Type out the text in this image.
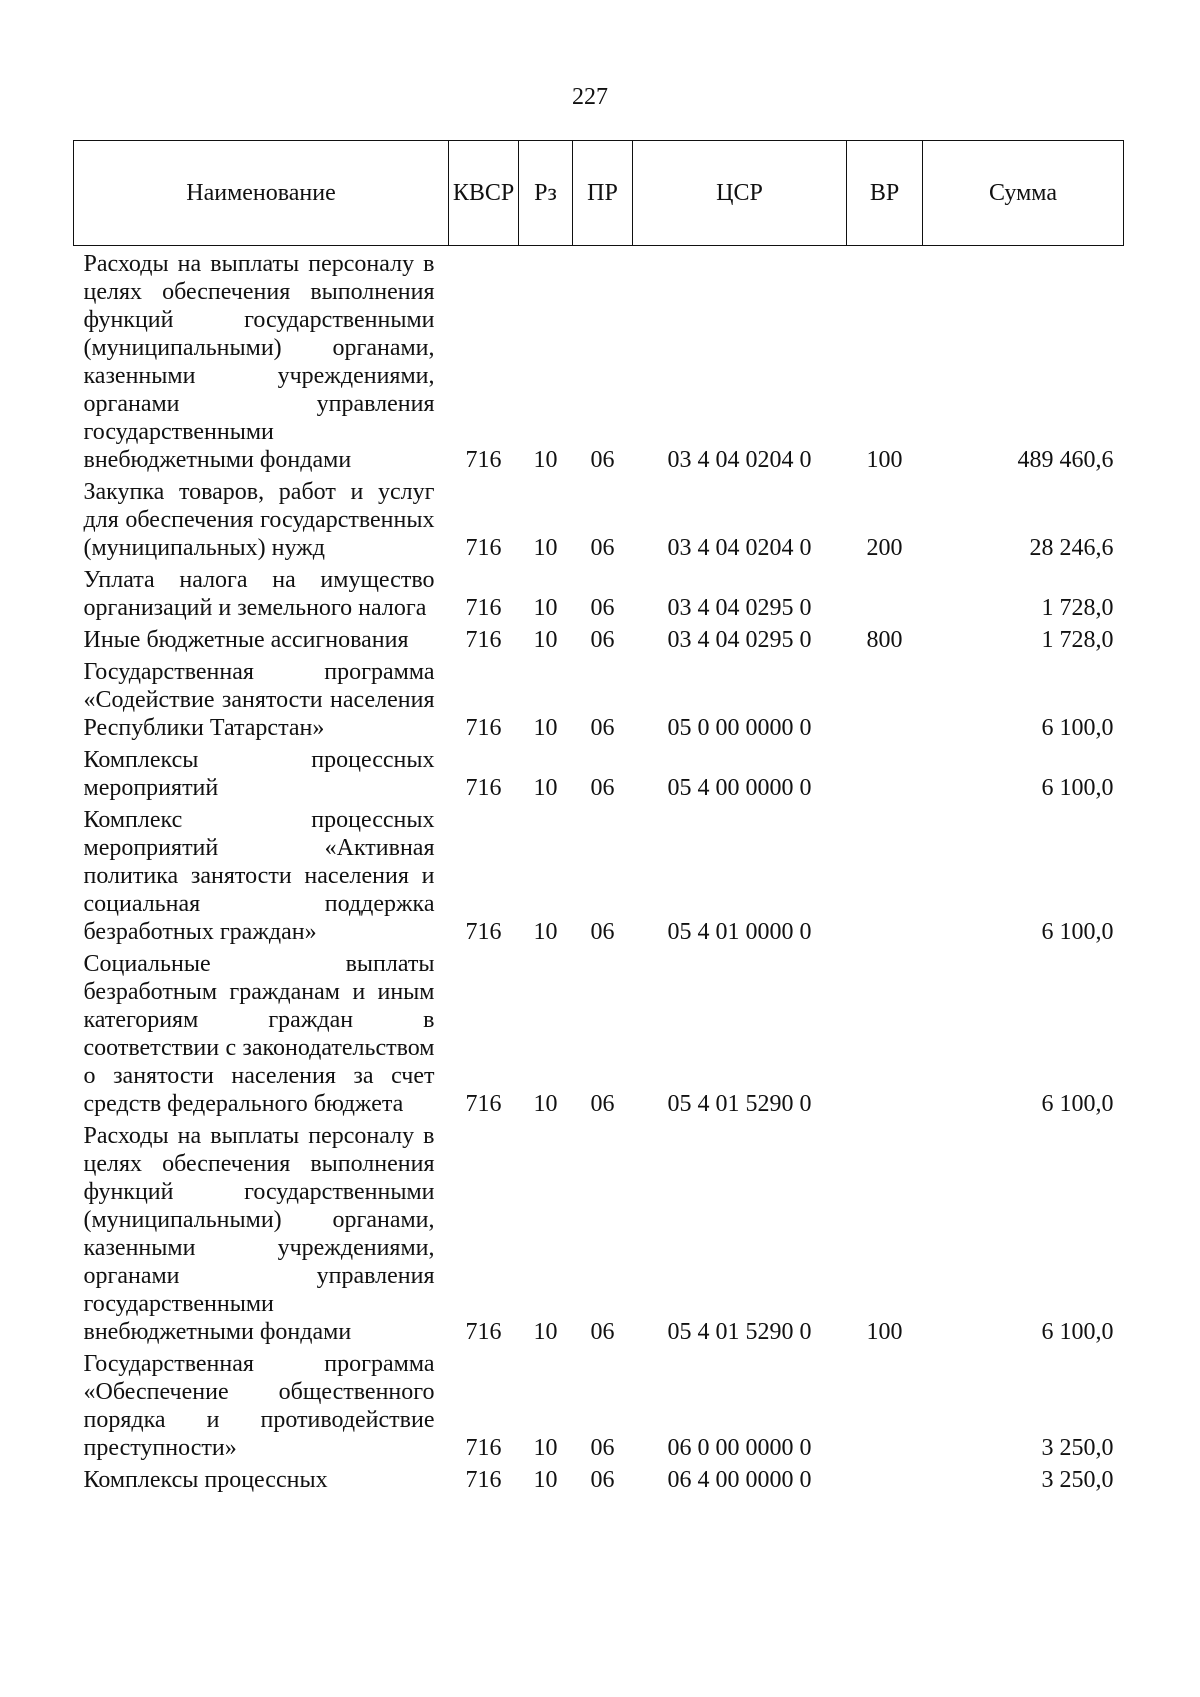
227
Наименование	КВСР	Рз	ПР	ЦСР	ВР	Сумма
Расходы на выплаты персоналу в целях обеспечения выполнения функций государственными (муниципальными) органами, казенными учреждениями, органами управления государственными внебюджетными фондами	716	10	06	03 4 04 0204 0	100	489 460,6
Закупка товаров, работ и услуг для обеспечения государственных (муниципальных) нужд	716	10	06	03 4 04 0204 0	200	28 246,6
Уплата налога на имущество организаций и земельного налога	716	10	06	03 4 04 0295 0		1 728,0
Иные бюджетные ассигнования	716	10	06	03 4 04 0295 0	800	1 728,0
Государственная программа «Содействие занятости населения Республики Татарстан»	716	10	06	05 0 00 0000 0		6 100,0
Комплексы процессных мероприятий	716	10	06	05 4 00 0000 0		6 100,0
Комплекс процессных мероприятий «Активная политика занятости населения и социальная поддержка безработных граждан»	716	10	06	05 4 01 0000 0		6 100,0
Социальные выплаты безработным гражданам и иным категориям граждан в соответствии с законодательством о занятости населения за счет средств федерального бюджета	716	10	06	05 4 01 5290 0		6 100,0
Расходы на выплаты персоналу в целях обеспечения выполнения функций государственными (муниципальными) органами, казенными учреждениями, органами управления государственными внебюджетными фондами	716	10	06	05 4 01 5290 0	100	6 100,0
Государственная программа «Обеспечение общественного порядка и противодействие преступности»	716	10	06	06 0 00 0000 0		3 250,0
Комплексы процессных	716	10	06	06 4 00 0000 0		3 250,0
